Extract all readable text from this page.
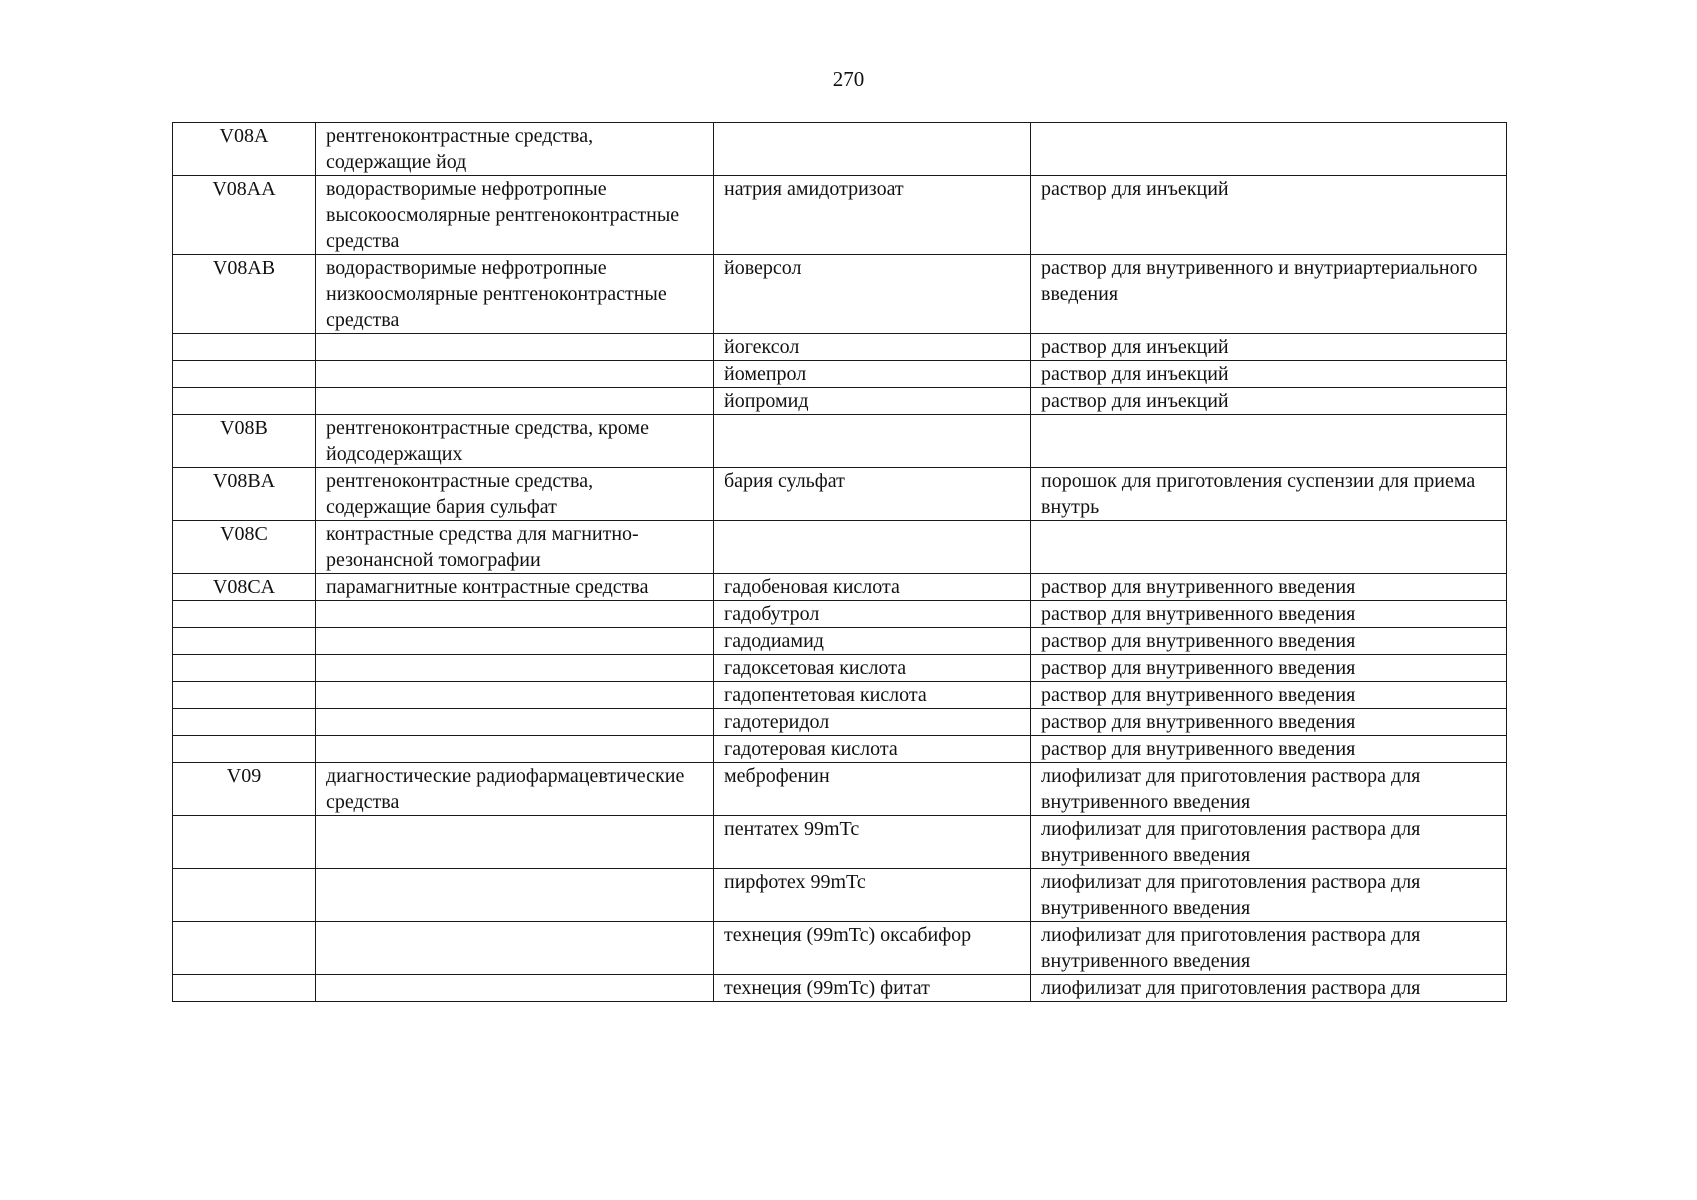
270
V08A	рентгеноконтрастные средства, содержащие йод		
V08AA	водорастворимые нефротропные высокоосмолярные рентгеноконтрастные средства	натрия амидотризоат	раствор для инъекций
V08AB	водорастворимые нефротропные низкоосмолярные рентгеноконтрастные средства	йоверсол	раствор для внутривенного и внутриартериального введения
		йогексол	раствор для инъекций
		йомепрол	раствор для инъекций
		йопромид	раствор для инъекций
V08B	рентгеноконтрастные средства, кроме йодсодержащих		
V08BA	рентгеноконтрастные средства, содержащие бария сульфат	бария сульфат	порошок для приготовления суспензии для приема внутрь
V08C	контрастные средства для магнитно-резонансной томографии		
V08CA	парамагнитные контрастные средства	гадобеновая кислота	раствор для внутривенного введения
		гадобутрол	раствор для внутривенного введения
		гадодиамид	раствор для внутривенного введения
		гадоксетовая кислота	раствор для внутривенного введения
		гадопентетовая кислота	раствор для внутривенного введения
		гадотеридол	раствор для внутривенного введения
		гадотеровая кислота	раствор для внутривенного введения
V09	диагностические радиофармацевтические средства	меброфенин	лиофилизат для приготовления раствора для внутривенного введения
		пентатех 99mTc	лиофилизат для приготовления раствора для внутривенного введения
		пирфотех 99mTc	лиофилизат для приготовления раствора для внутривенного введения
		технеция (99mTc) оксабифор	лиофилизат для приготовления раствора для внутривенного введения
		технеция (99mTc) фитат	лиофилизат для приготовления раствора для
